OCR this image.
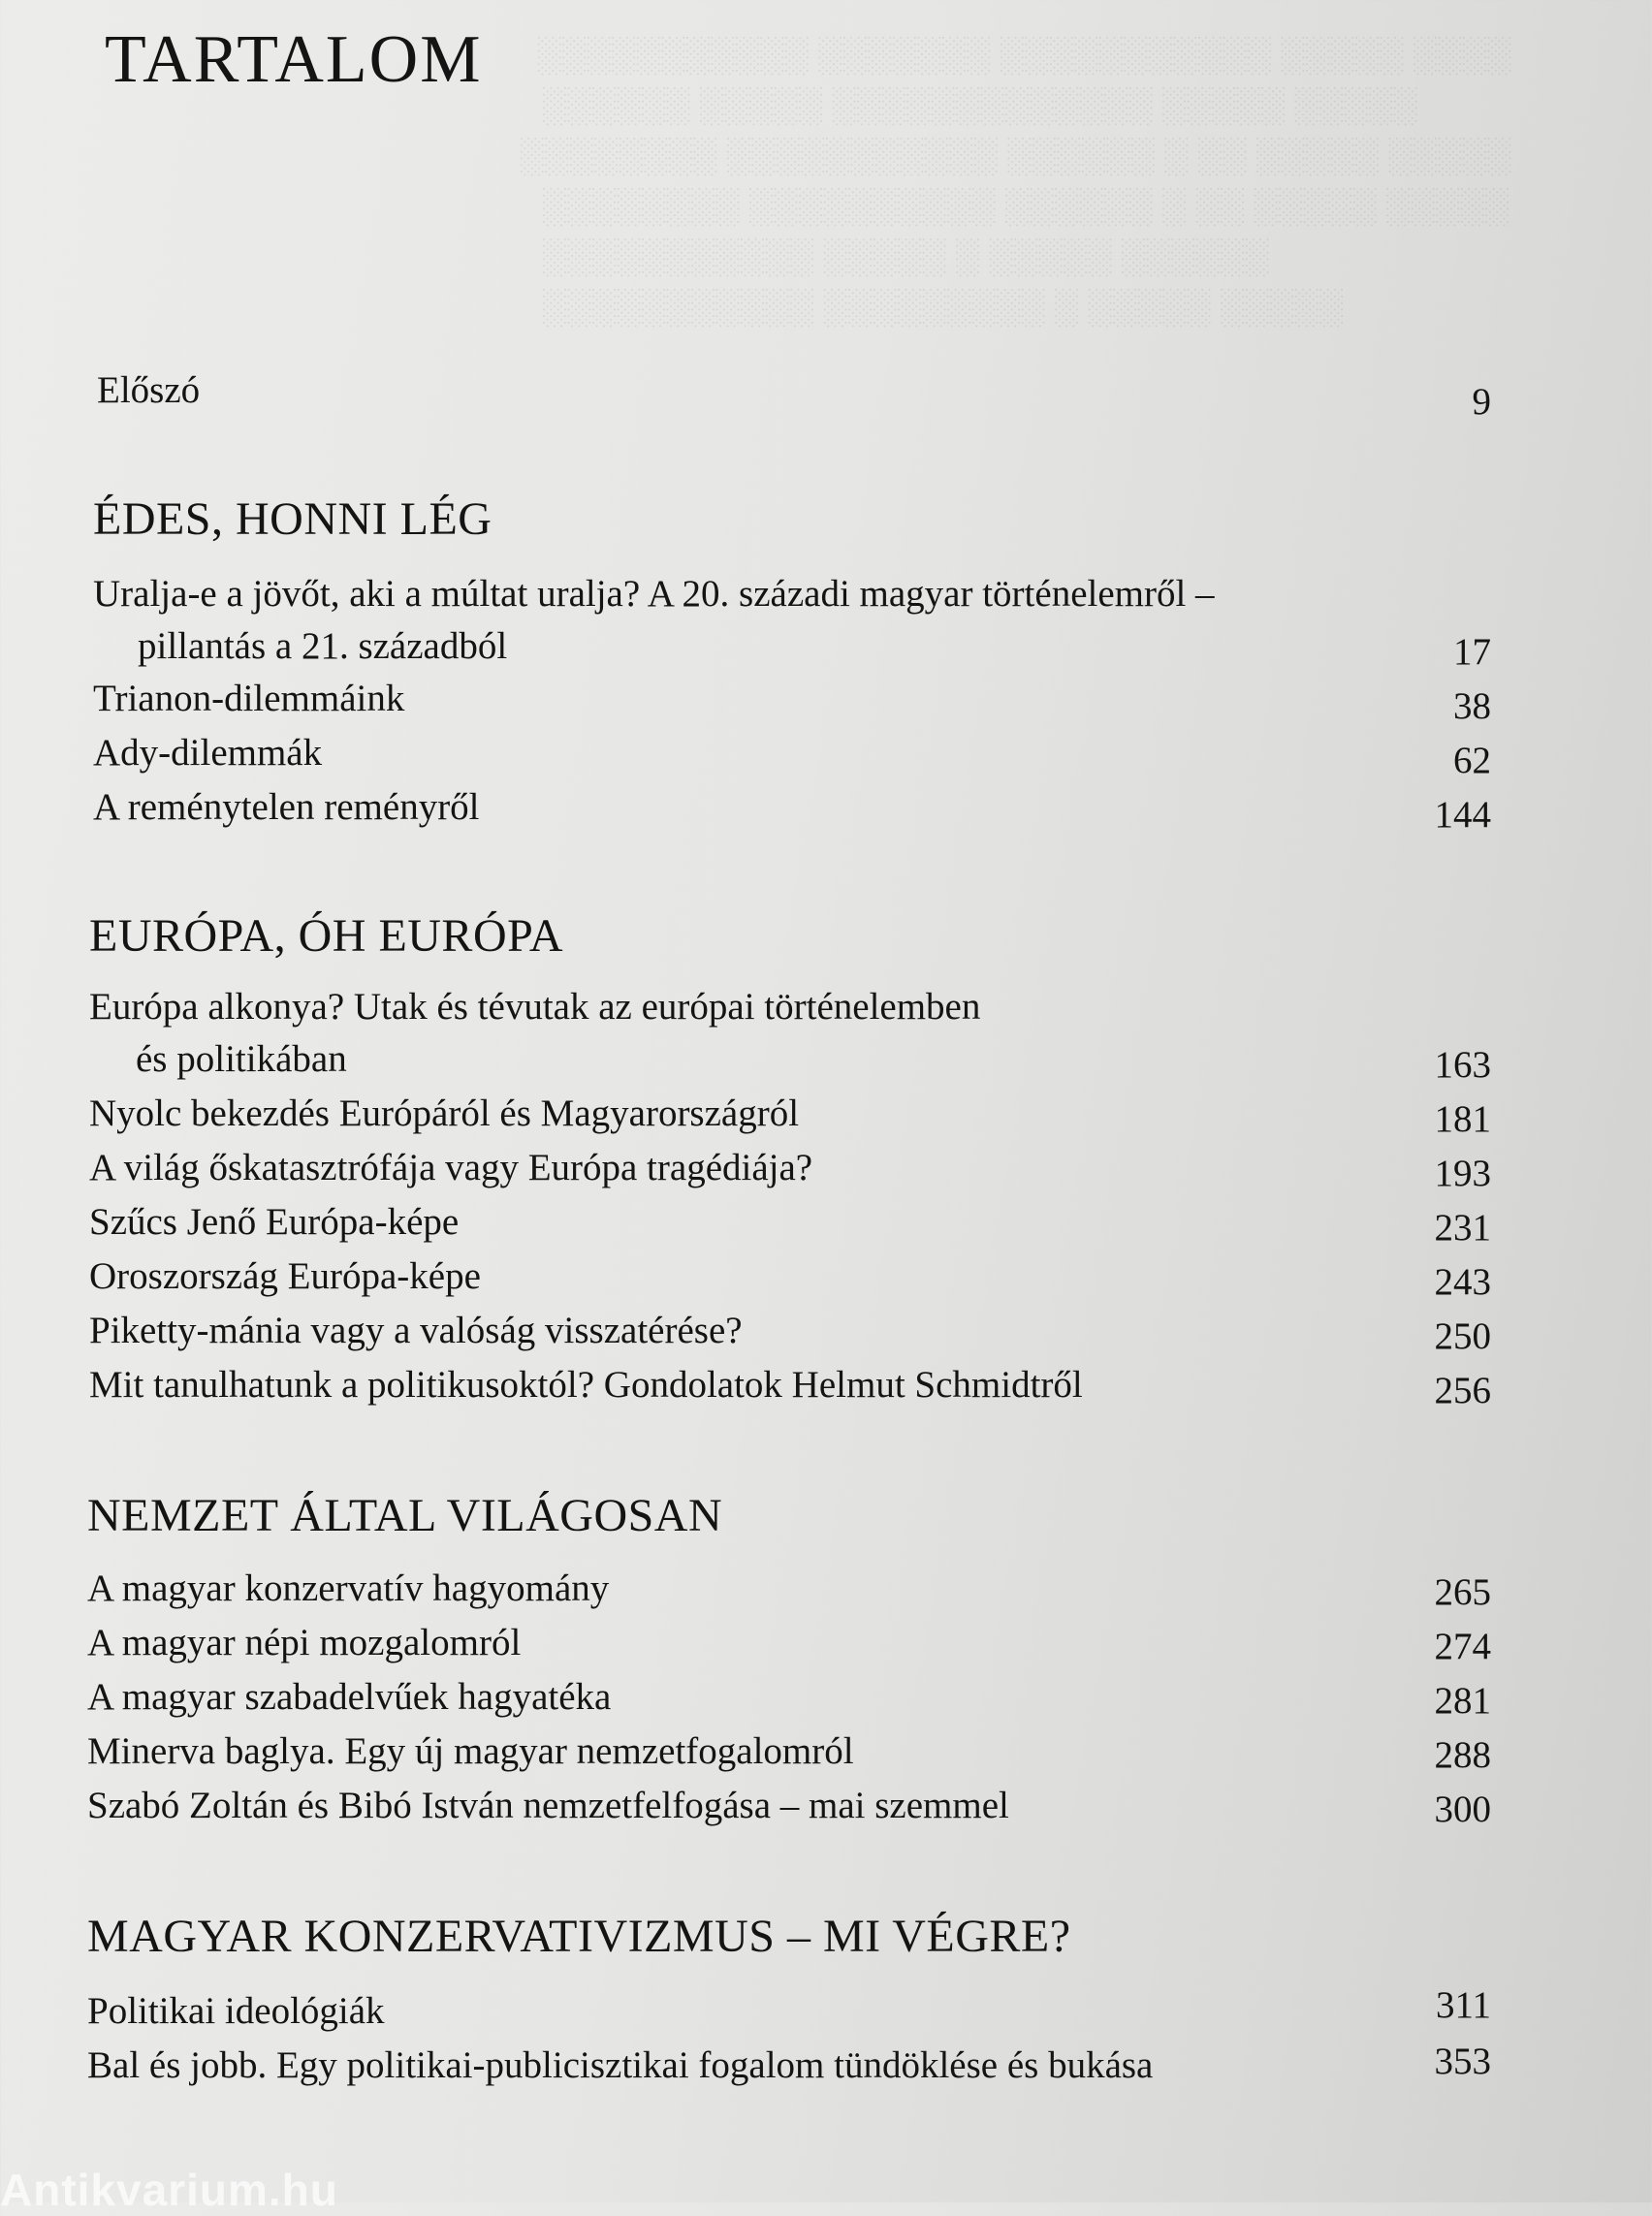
TARTALOM ░░░░ ░░░░░ ░░░░░░░░░░░ ░░░░░░░ ░░░░░░░░░░░
░░░░░ ░░░░░ ░░░░░░░░░░░░░ ░░░░░ ░░░░░░
░░░░░ ░░░░░ ░░ ░ ░░░░░░ ░░░░░░░░░░░ ░░░░░░░░
░░░░░ ░░░░░ ░░ ░ ░░░░░░ ░░░░░░░░░░ ░░░░░░░░
░░░░░░ ░░░░░ ░ ░░░░░ ░░░░░░░░░░░
░░░░░ ░░░░░ ░ ░░░░░░░░░ ░░░░░░░░░░░
Előszó	9
ÉDES, HONNI LÉG
Uralja-e a jövőt, aki a múltat uralja? A 20. századi magyar történelemről –
pillantás a 21. századból	17
Trianon-dilemmáink	38
Ady-dilemmák	62
A reménytelen reményről	144
EURÓPA, ÓH EURÓPA
Európa alkonya? Utak és tévutak az európai történelemben
és politikában	163
Nyolc bekezdés Európáról és Magyarországról	181
A világ őskatasztrófája vagy Európa tragédiája?	193
Szűcs Jenő Európa-képe	231
Oroszország Európa-képe	243
Piketty-mánia vagy a valóság visszatérése?	250
Mit tanulhatunk a politikusoktól? Gondolatok Helmut Schmidtről	256
NEMZET ÁLTAL VILÁGOSAN
A magyar konzervatív hagyomány	265
A magyar népi mozgalomról	274
A magyar szabadelvűek hagyatéka	281
Minerva baglya. Egy új magyar nemzetfogalomról	288
Szabó Zoltán és Bibó István nemzetfelfogása – mai szemmel	300
MAGYAR KONZERVATIVIZMUS – MI VÉGRE?
Politikai ideológiák	311
Bal és jobb. Egy politikai-publicisztikai fogalom tündöklése és bukása	353
Antikvarium.hu
